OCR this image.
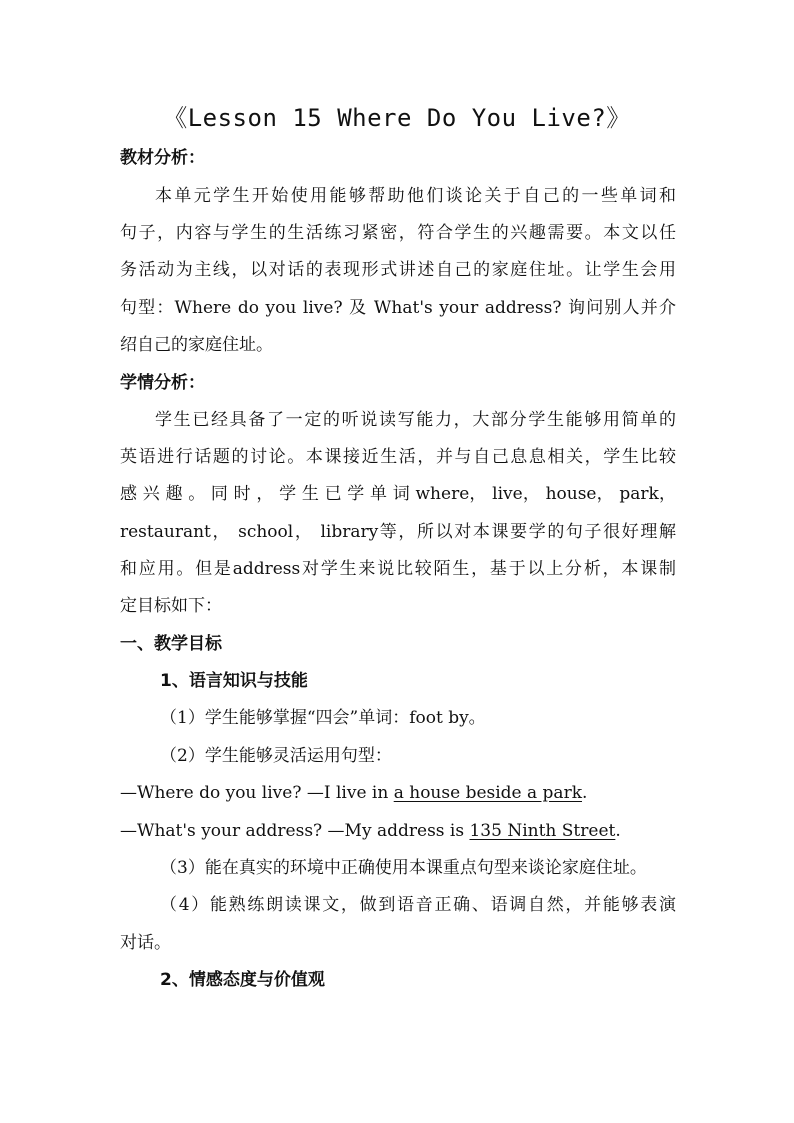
《Lesson 15 Where Do You Live?》
教材分析：
本单元学生开始使用能够帮助他们谈论关于自己的一些单词和
句子，内容与学生的生活练习紧密，符合学生的兴趣需要。本文以任
务活动为主线，以对话的表现形式讲述自己的家庭住址。让学生会用
句型：Where do you live? 及 What's your address? 询问别人并介
绍自己的家庭住址。
学情分析：
学生已经具备了一定的听说读写能力，大部分学生能够用简单的
英语进行话题的讨论。本课接近生活，并与自己息息相关，学生比较
感 兴 趣 。 同 时 ， 学 生 已 学 单 词 where， live， house， park，
restaurant， school， library等，所以对本课要学的句子很好理解
和应用。但是address对学生来说比较陌生，基于以上分析，本课制
定目标如下：
一、教学目标
1、语言知识与技能
（1）学生能够掌握“四会”单词：foot by。
（2）学生能够灵活运用句型：
—Where do you live? —I live in a house beside a park.
—What's your address? —My address is 135 Ninth Street.
（3）能在真实的环境中正确使用本课重点句型来谈论家庭住址。
（4）能熟练朗读课文，做到语音正确、语调自然，并能够表演
对话。
2、情感态度与价值观
